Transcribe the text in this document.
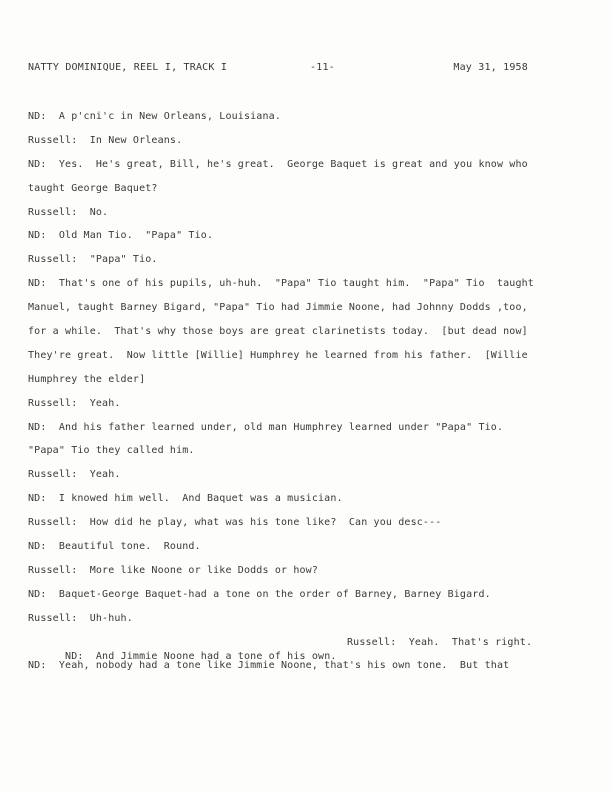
NATTY DOMINIQUE, REEL I, TRACK I	-11-	May 31, 1958
ND:  A p'cni'c in New Orleans, Louisiana.
Russell:  In New Orleans.
ND:  Yes.  He's great, Bill, he's great.  George Baquet is great and you know who
taught George Baquet?
Russell:  No.
ND:  Old Man Tio.  "Papa" Tio.
Russell:  "Papa" Tio.
ND:  That's one of his pupils, uh-huh.  "Papa" Tio taught him.  "Papa" Tio  taught
Manuel, taught Barney Bigard, "Papa" Tio had Jimmie Noone, had Johnny Dodds ,too,
for a while.  That's why those boys are great clarinetists today.  [but dead now]
They're great.  Now little [Willie] Humphrey he learned from his father.  [Willie
Humphrey the elder]
Russell:  Yeah.
ND:  And his father learned under, old man Humphrey learned under "Papa" Tio.
"Papa" Tio they called him.
Russell:  Yeah.
ND:  I knowed him well.  And Baquet was a musician.
Russell:  How did he play, what was his tone like?  Can you desc---
ND:  Beautiful tone.  Round.
Russell:  More like Noone or like Dodds or how?
ND:  Baquet-George Baquet-had a tone on the order of Barney, Barney Bigard.
Russell:  Uh-huh.

ND:  And Jimmie Noone had a tone of his own.

Russell:  Yeah.  That's right.

ND:  Yeah, nobody had a tone like Jimmie Noone, that's his own tone.  But that
